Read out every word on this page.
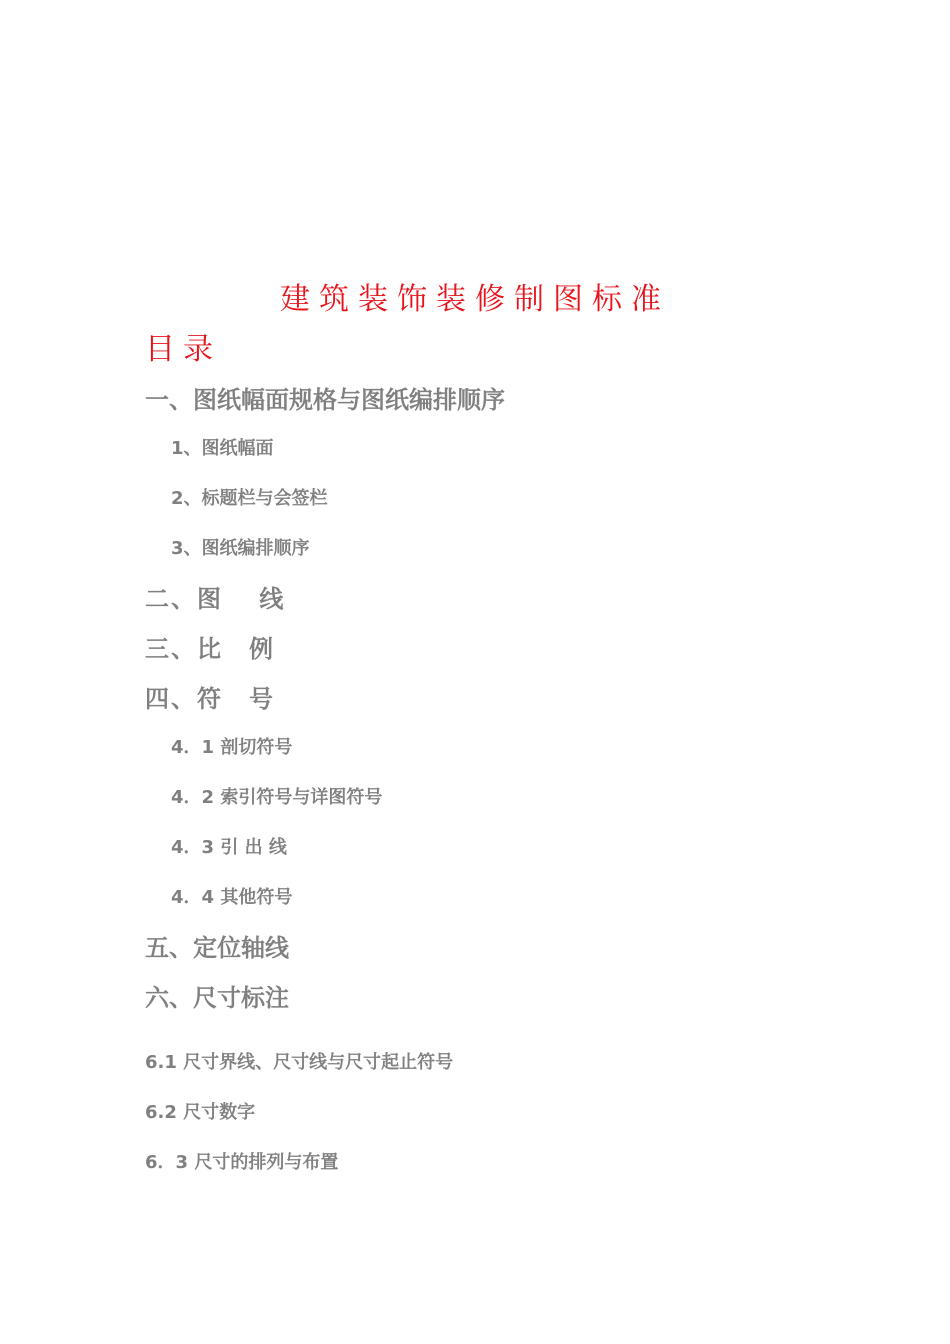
建筑装饰装修制图标准
目录
一、图纸幅面规格与图纸编排顺序
1、图纸幅面
2、标题栏与会签栏
3、图纸编排顺序
二、图　 线
三、比　例
四、符　号
4．1 剖切符号
4．2 索引符号与详图符号
4．3 引 出 线
4．4 其他符号
五、定位轴线
六、尺寸标注
6.1 尺寸界线、尺寸线与尺寸起止符号
6.2 尺寸数字
6．3 尺寸的排列与布置
